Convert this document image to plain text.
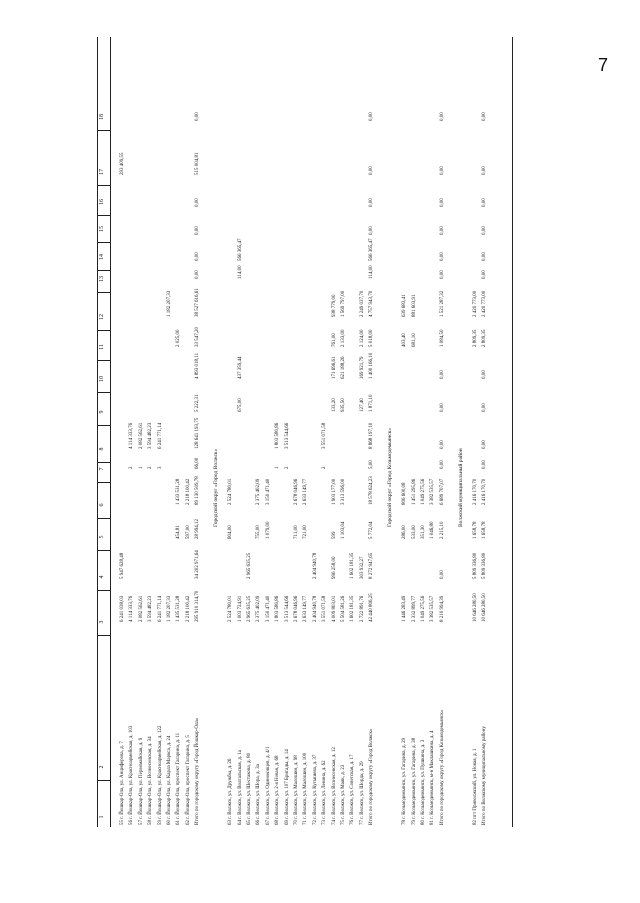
7
1
2
3
4
5
6
7
8
9
10
11
12
13
14
15
16
17
18
55 г. Йошкар-Ола, ул. Анциферова, д. 7
6 241 038,03
5 947 628,48
293 409,55
56 г. Йошкар-Ола, ул. Красноармейская, д. 103
4 114 333,76
2
4 114 333,76
57 г. Йошкар-Ола, ул. Первомайская, д. 9
2 082 562,61
1
2 082 562,61
58 г. Йошкар-Ола, ул. Вознесенская, д. 34
3 594 482,23
2
3 594 482,23
59 г. Йошкар-Ола, ул. Красноармейская, д. 122
6 241 771,14
3
6 241 771,14
60 г. Йошкар-Ола, ул. Карла Маркса, д. 24
1 182 207,33
1 182 207,33
61 г. Йошкар-Ола, проспект Гагарина, д. 11
1 435 531,28
454,81
1 433 531,28
2 025,00
62 г. Йошкар-Ола, проспект Гагарина, д. 5
2 218 100,42
597,00
2 218 100,42
Итого по городскому округу «Город Йошкар-Ола»
295 910 314,70
34 202 971,64
28 994,12
89 130 509,78
66,00
128 641 193,75
5 222,31
4 893 018,11
33 547,20
38 527 616,61
0,00
0,00
0,00
0,00
515 004,81
0,00
Городской округ «Город Волжск»
63 г. Волжск, ул. Дружбы, д. 26
2 524 780,01
804,00
2 524 780,01
64 г. Волжск, ул. Волгальская, д. 1а
1 003 724,91
675,00
437 359,44
114,00
566 365,47
65 г. Волжск, ул. Шестакова, д. 80
2 965 635,25
2 965 635,25
66 г. Волжск, ул. Шора, д. 3а
2 375 402,09
755,00
2 375 402,09
67 г. Волжск, ул. Одиноковцев, д. 4/1
3 150 471,40
1 079,00
3 150 471,40
68 г. Волжск, ул. 2-я Новая, д. 68
1 803 580,86
1
1 803 580,86
69 г. Волжск, ул. 107 Бригады, д. 14
3 513 544,66
2
3 513 544,66
70 г. Волжск, ул. Малошин, д. 98
2 678 046,96
711,00
2 678 046,96
71 г. Волжск, ул. Малошин, д. 100
2 633 149,77
721,00
2 633 149,77
72 г. Волжск, ул. Кутышева, д. 37
2 404 940,78
2 404 940,78
73 г. Волжск, ул. Ленина, д. 62
3 551 071,58
2
3 551 071,58
74 г. Волжск, ул. Вознесенская, д. 12
4 009 803,01
996 258,00
599
1 903 177,00
133,20
171 696,61
761,00
938 779,00
75 г. Волжск, ул. Маяк, д. 23
5 504 581,26
1 103,04
3 313 596,00
935,50
621 188,26
2 133,00
1 569 797,00
76 г. Волжск, ул. Советская, д. 17
1 602 181,35
1 602 181,35
77 г. Волжск, ул. Шорда, д. 29
2 722 891,76
303 932,27
127,40
169 921,79
2 124,00
2 249 037,70
Итого по городскому округу «Город Волжск»
42 440 806,25
8 272 947,65
5 772,04
18 578 624,23
5,00
8 868 197,10
1 871,10
1 400 166,10
5 018,00
4 757 943,70
114,00
566 365,47
0,00
0,00
0,00
0,00
Городской округ «Город Козьмодемьянск»
78 г. Козьмодемьянск, ул. Гагарина, д. 29
1 446 283,49
286,00
806 600,08
403,40
639 683,41
79 г. Козьмодемьянск, ул. Гагарина, д. 38
2 332 899,77
533,00
1 451 295,86
681,10
881 603,91
80 г. Козьмодемьянск, ул. Пушкина, д. 3
1 049 275,56
351,30
1 049 275,56
81 г. Козьмодемьянск, м-н Маклашкина, д. 4
3 382 535,57
1 046,80
3 382 535,57
Итого по городскому округу «Город Козьмодемьянск»
8 210 994,39
0,00
2 215,10
6 689 707,07
0,00
0,00
0,00
0,00
1 084,50
1 521 287,32
0,00
0,00
0,00
0,00
0,00
0,00
Волжский муниципальный район
82 пгт Приволжский, ул. Новая, д. 1
10 646 280,50
5 809 336,80
1 658,78
2 416 170,70
2 809,35
2 420 773,00
Итого по Волжскому муниципальному району
10 646 280,50
5 809 336,80
1 658,78
2 416 170,70
0,00
0,00
0,00
0,00
2 809,35
2 420 773,00
0,00
0,00
0,00
0,00
0,00
0,00
